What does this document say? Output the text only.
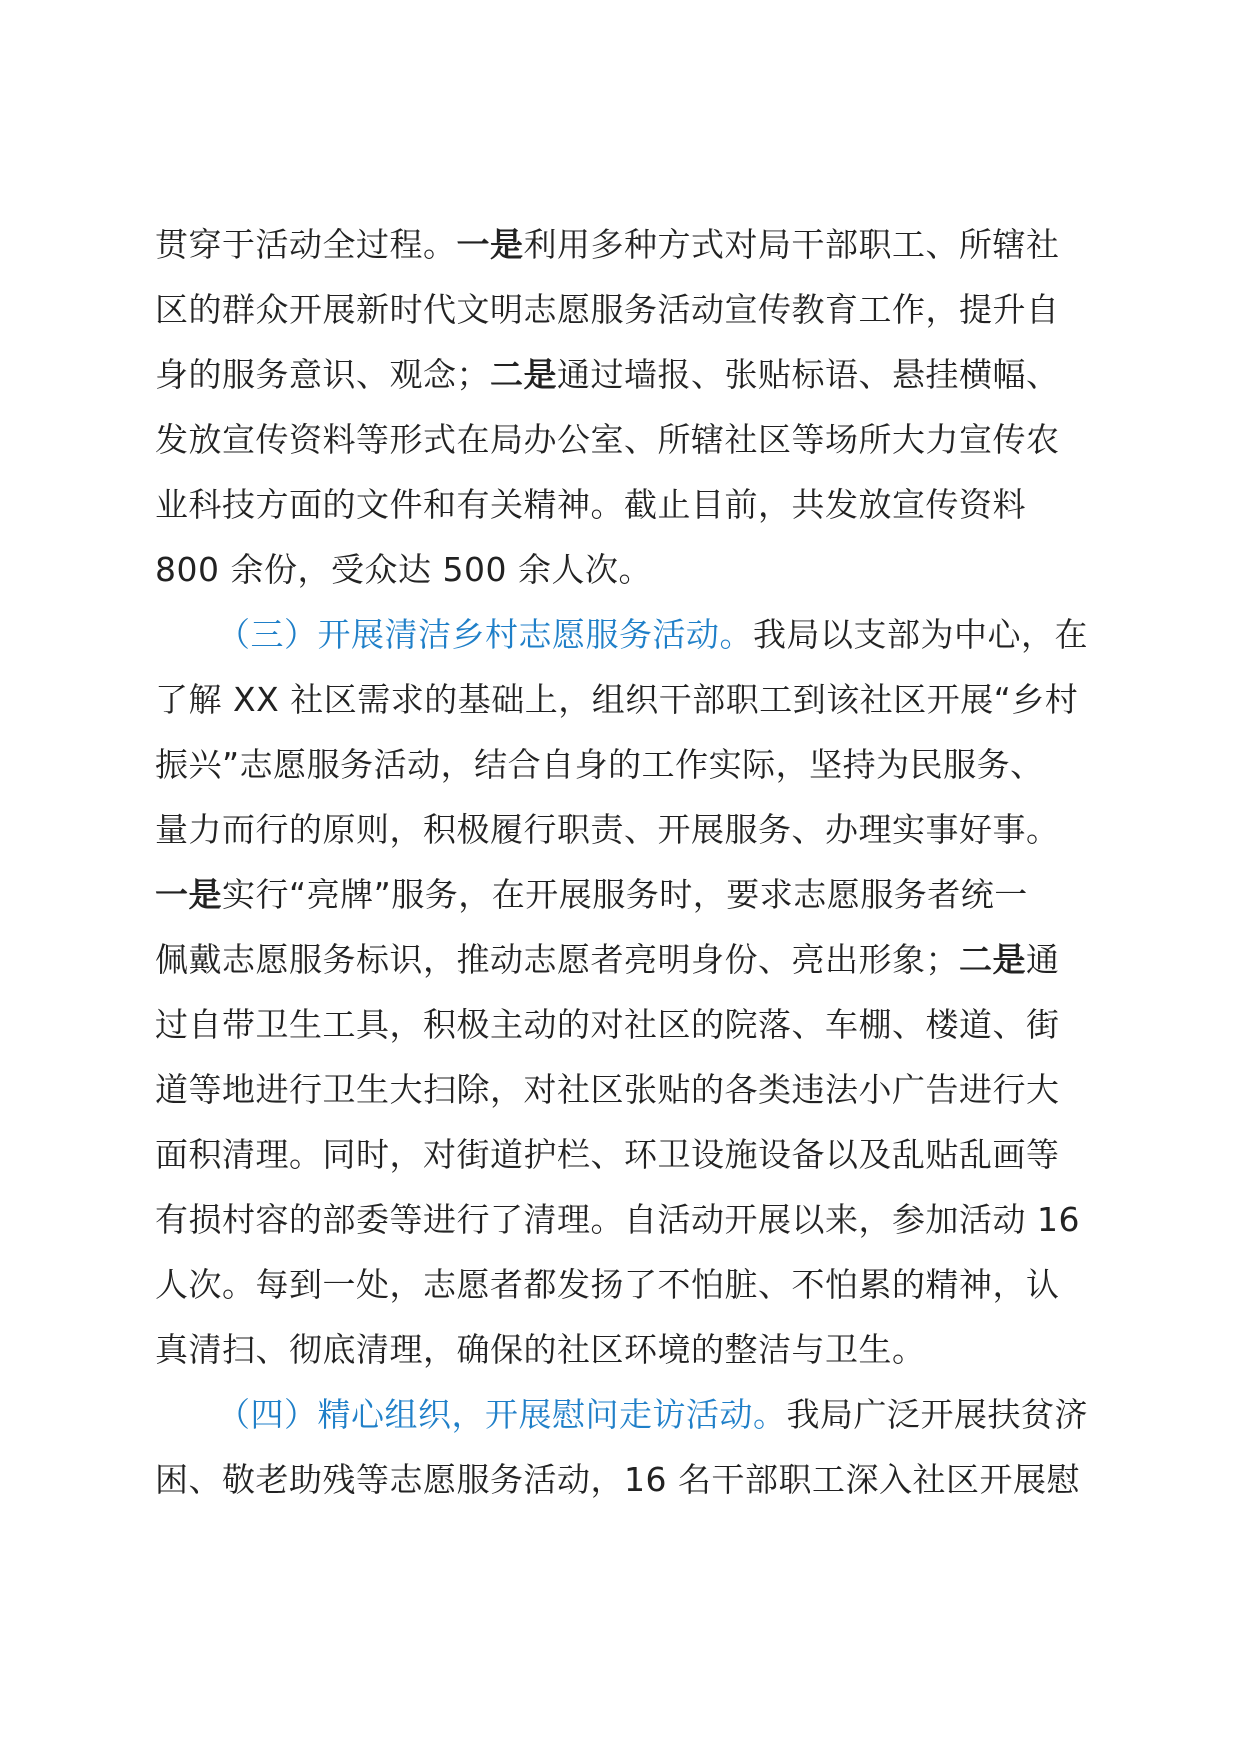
贯穿于活动全过程。一是利用多种方式对局干部职工、所辖社
区的群众开展新时代文明志愿服务活动宣传教育工作，提升自
身的服务意识、观念；二是通过墙报、张贴标语、悬挂横幅、
发放宣传资料等形式在局办公室、所辖社区等场所大力宣传农
业科技方面的文件和有关精神。截止目前，共发放宣传资料
800 余份，受众达 500 余人次。
（三）开展清洁乡村志愿服务活动。我局以支部为中心，在
了解 XX 社区需求的基础上，组织干部职工到该社区开展“乡村
振兴”志愿服务活动，结合自身的工作实际，坚持为民服务、
量力而行的原则，积极履行职责、开展服务、办理实事好事。
一是实行“亮牌”服务，在开展服务时，要求志愿服务者统一
佩戴志愿服务标识，推动志愿者亮明身份、亮出形象；二是通
过自带卫生工具，积极主动的对社区的院落、车棚、楼道、街
道等地进行卫生大扫除，对社区张贴的各类违法小广告进行大
面积清理。同时，对街道护栏、环卫设施设备以及乱贴乱画等
有损村容的部委等进行了清理。自活动开展以来，参加活动 16
人次。每到一处，志愿者都发扬了不怕脏、不怕累的精神，认
真清扫、彻底清理，确保的社区环境的整洁与卫生。
（四）精心组织，开展慰问走访活动。我局广泛开展扶贫济
困、敬老助残等志愿服务活动，16 名干部职工深入社区开展慰
